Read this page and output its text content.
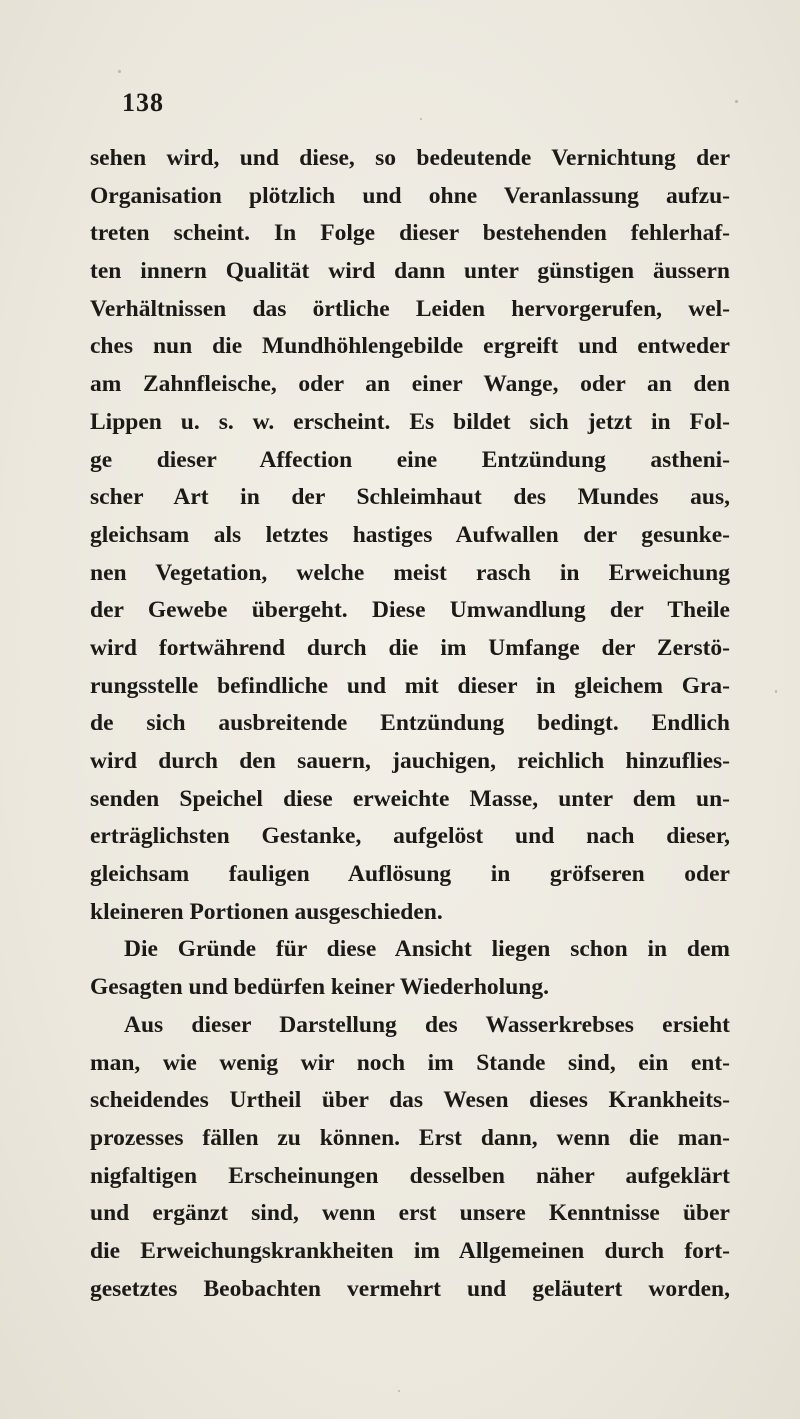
138
sehen wird, und diese, so bedeutende Vernichtung der
Organisation plötzlich und ohne Veranlassung aufzu-
treten scheint. In Folge dieser bestehenden fehlerhaf-
ten innern Qualität wird dann unter günstigen äussern
Verhältnissen das örtliche Leiden hervorgerufen, wel-
ches nun die Mundhöhlengebilde ergreift und entweder
am Zahnfleische, oder an einer Wange, oder an den
Lippen u. s. w. erscheint. Es bildet sich jetzt in Fol-
ge dieser Affection eine Entzündung astheni-
scher Art in der Schleimhaut des Mundes aus,
gleichsam als letztes hastiges Aufwallen der gesunke-
nen Vegetation, welche meist rasch in Erweichung
der Gewebe übergeht. Diese Umwandlung der Theile
wird fortwährend durch die im Umfange der Zerstö-
rungsstelle befindliche und mit dieser in gleichem Gra-
de sich ausbreitende Entzündung bedingt. Endlich
wird durch den sauern, jauchigen, reichlich hinzuflies-
senden Speichel diese erweichte Masse, unter dem un-
erträglichsten Gestanke, aufgelöst und nach dieser,
gleichsam fauligen Auflösung in gröfseren oder
kleineren Portionen ausgeschieden.
Die Gründe für diese Ansicht liegen schon in dem
Gesagten und bedürfen keiner Wiederholung.
Aus dieser Darstellung des Wasserkrebses ersieht
man, wie wenig wir noch im Stande sind, ein ent-
scheidendes Urtheil über das Wesen dieses Krankheits-
prozesses fällen zu können. Erst dann, wenn die man-
nigfaltigen Erscheinungen desselben näher aufgeklärt
und ergänzt sind, wenn erst unsere Kenntnisse über
die Erweichungskrankheiten im Allgemeinen durch fort-
gesetztes Beobachten vermehrt und geläutert worden,
